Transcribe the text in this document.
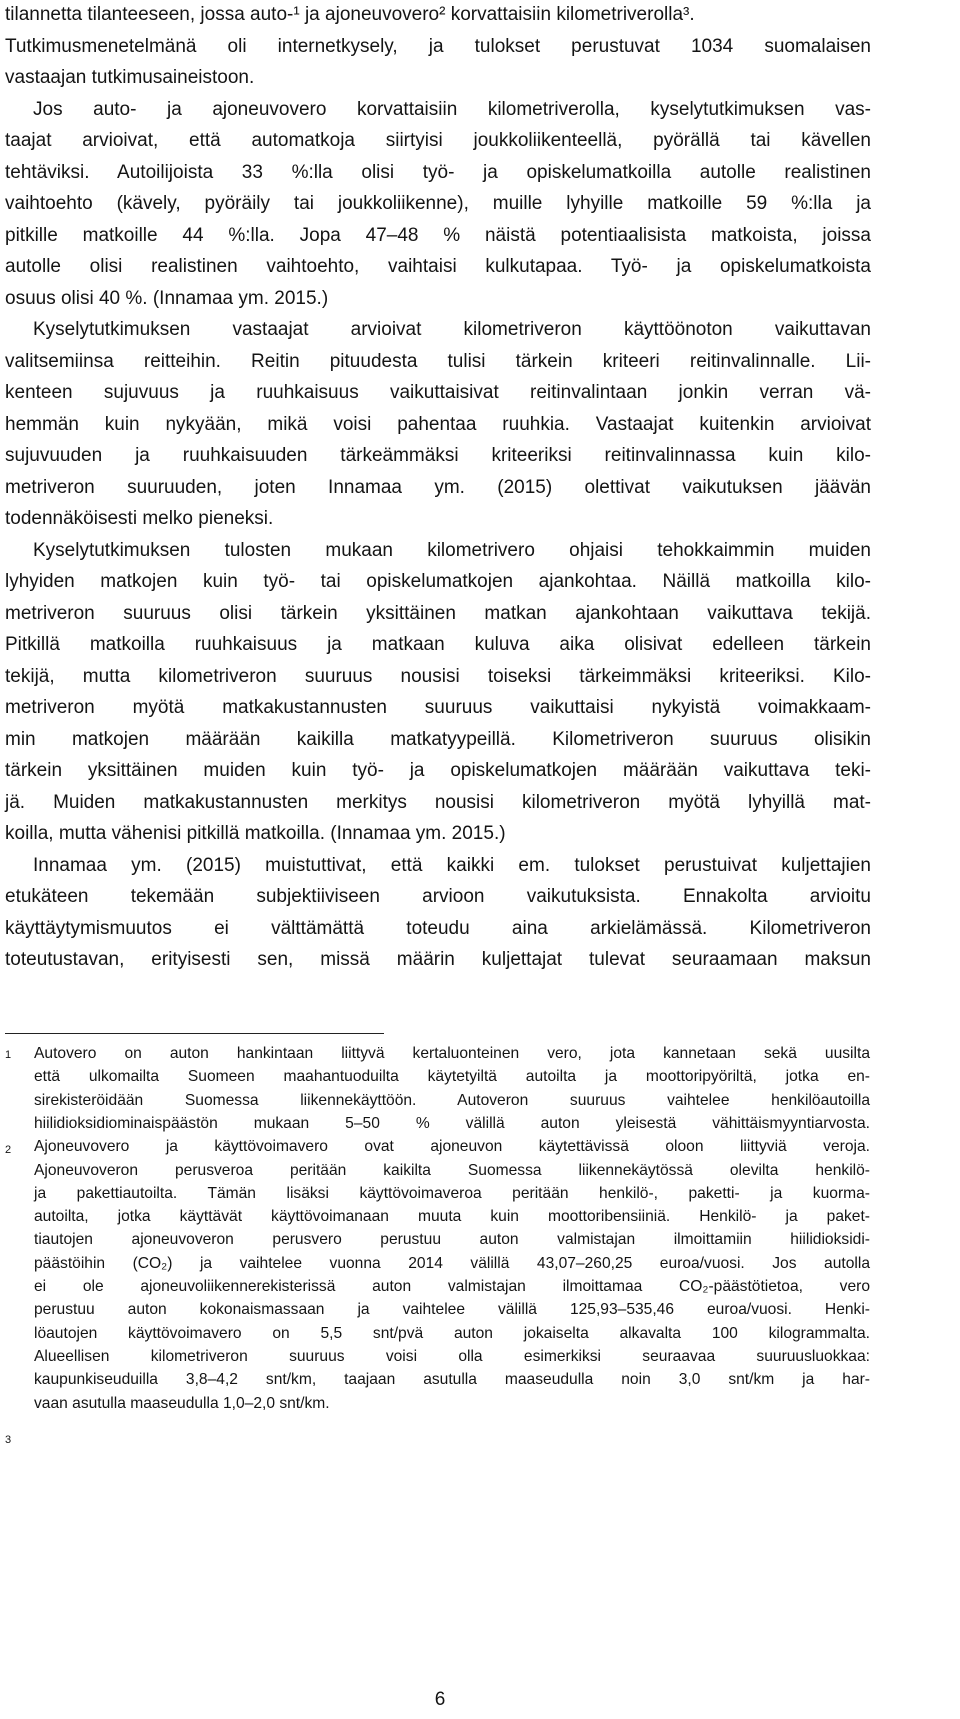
tilannetta tilanteeseen, jossa auto-¹ ja ajoneuvovero² korvattaisiin kilometriverolla³.
Tutkimusmenetelmänä oli internetkysely, ja tulokset perustuvat 1034 suomalaisen
vastaajan tutkimusaineistoon.
Jos auto- ja ajoneuvovero korvattaisiin kilometriverolla, kyselytutkimuksen vas-
taajat arvioivat, että automatkoja siirtyisi joukkoliikenteellä, pyörällä tai kävellen
tehtäviksi. Autoilijoista 33 %:lla olisi työ- ja opiskelumatkoilla autolle realistinen
vaihtoehto (kävely, pyöräily tai joukkoliikenne), muille lyhyille matkoille 59 %:lla ja
pitkille matkoille 44 %:lla. Jopa 47–48 % näistä potentiaalisista matkoista, joissa
autolle olisi realistinen vaihtoehto, vaihtaisi kulkutapaa. Työ- ja opiskelumatkoista
osuus olisi 40 %. (Innamaa ym. 2015.)
Kyselytutkimuksen vastaajat arvioivat kilometriveron käyttöönoton vaikuttavan
valitsemiinsa reitteihin. Reitin pituudesta tulisi tärkein kriteeri reitinvalinnalle. Lii-
kenteen sujuvuus ja ruuhkaisuus vaikuttaisivat reitinvalintaan jonkin verran vä-
hemmän kuin nykyään, mikä voisi pahentaa ruuhkia. Vastaajat kuitenkin arvioivat
sujuvuuden ja ruuhkaisuuden tärkeämmäksi kriteeriksi reitinvalinnassa kuin kilo-
metriveron suuruuden, joten Innamaa ym. (2015) olettivat vaikutuksen jäävän
todennäköisesti melko pieneksi.
Kyselytutkimuksen tulosten mukaan kilometrivero ohjaisi tehokkaimmin muiden
lyhyiden matkojen kuin työ- tai opiskelumatkojen ajankohtaa. Näillä matkoilla kilo-
metriveron suuruus olisi tärkein yksittäinen matkan ajankohtaan vaikuttava tekijä.
Pitkillä matkoilla ruuhkaisuus ja matkaan kuluva aika olisivat edelleen tärkein
tekijä, mutta kilometriveron suuruus nousisi toiseksi tärkeimmäksi kriteeriksi. Kilo-
metriveron myötä matkakustannusten suuruus vaikuttaisi nykyistä voimakkaam-
min matkojen määrään kaikilla matkatyypeillä. Kilometriveron suuruus olisikin
tärkein yksittäinen muiden kuin työ- ja opiskelumatkojen määrään vaikuttava teki-
jä. Muiden matkakustannusten merkitys nousisi kilometriveron myötä lyhyillä mat-
koilla, mutta vähenisi pitkillä matkoilla. (Innamaa ym. 2015.)
Innamaa ym. (2015) muistuttivat, että kaikki em. tulokset perustuivat kuljettajien
etukäteen tekemään subjektiiviseen arvioon vaikutuksista. Ennakolta arvioitu
käyttäytymismuutos ei välttämättä toteudu aina arkielämässä. Kilometriveron
toteutustavan, erityisesti sen, missä määrin kuljettajat tulevat seuraamaan maksun
1
2
3
Autovero on auton hankintaan liittyvä kertaluonteinen vero, jota kannetaan sekä uusilta
että ulkomailta Suomeen maahantuoduilta käytetyiltä autoilta ja moottoripyöriltä, jotka en-
sirekisteröidään Suomessa liikennekäyttöön. Autoveron suuruus vaihtelee henkilöautoilla
hiilidioksidiominaispäästön mukaan 5–50 % välillä auton yleisestä vähittäismyyntiarvosta.
Ajoneuvovero ja käyttövoimavero ovat ajoneuvon käytettävissä oloon liittyviä veroja.
Ajoneuvoveron perusveroa peritään kaikilta Suomessa liikennekäytössä olevilta henkilö-
ja pakettiautoilta. Tämän lisäksi käyttövoimaveroa peritään henkilö-, paketti- ja kuorma-
autoilta, jotka käyttävät käyttövoimanaan muuta kuin moottoribensiiniä. Henkilö- ja paket-
tiautojen ajoneuvoveron perusvero perustuu auton valmistajan ilmoittamiin hiilidioksidi-
päästöihin (CO₂) ja vaihtelee vuonna 2014 välillä 43,07–260,25 euroa/vuosi. Jos autolla
ei ole ajoneuvoliikennerekisterissä auton valmistajan ilmoittamaa CO₂-päästötietoa, vero
perustuu auton kokonaismassaan ja vaihtelee välillä 125,93–535,46 euroa/vuosi. Henki-
löautojen käyttövoimavero on 5,5 snt/pvä auton jokaiselta alkavalta 100 kilogrammalta.
Alueellisen kilometriveron suuruus voisi olla esimerkiksi seuraavaa suuruusluokkaa:
kaupunkiseuduilla 3,8–4,2 snt/km, taajaan asutulla maaseudulla noin 3,0 snt/km ja har-
vaan asutulla maaseudulla 1,0–2,0 snt/km.
6
